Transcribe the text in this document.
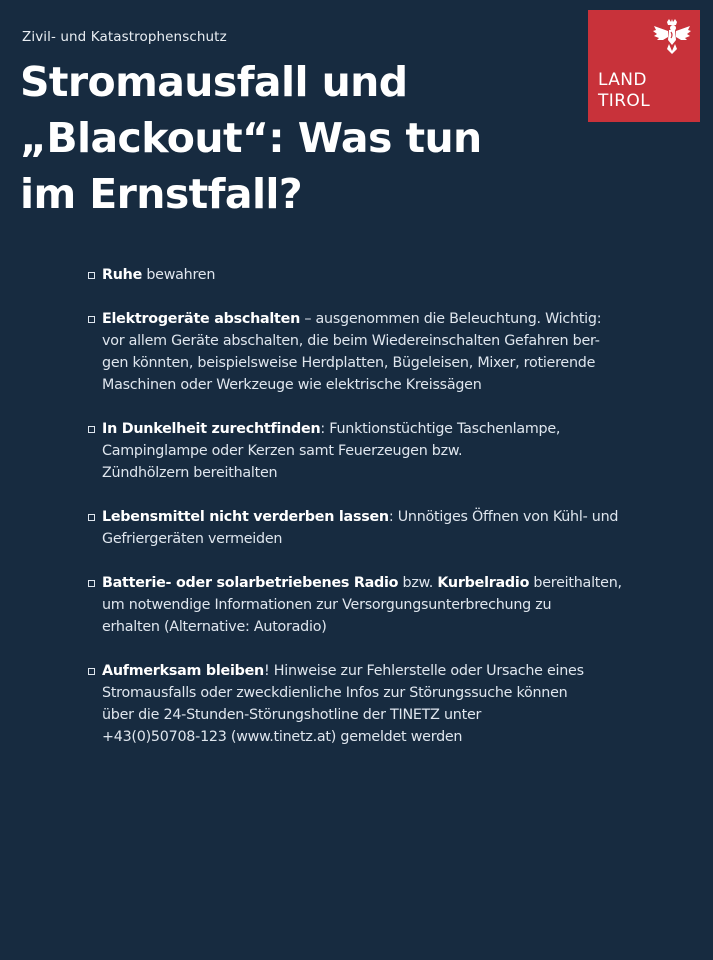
Zivil- und Katastrophenschutz
Stromausfall und
„Blackout“: Was tun
im Ernstfall?
LAND
TIROL
Ruhe bewahren
Elektrogeräte abschalten – ausgenommen die Beleuchtung. Wichtig:
vor allem Geräte abschalten, die beim Wiedereinschalten Gefahren ber-
gen könnten, beispielsweise Herdplatten, Bügeleisen, Mixer, rotierende
Maschinen oder Werkzeuge wie elektrische Kreissägen
In Dunkelheit zurechtfinden: Funktionstüchtige Taschenlampe,
Campinglampe oder Kerzen samt Feuerzeugen bzw.
Zündhölzern bereithalten
Lebensmittel nicht verderben lassen: Unnötiges Öffnen von Kühl- und
Gefriergeräten vermeiden
Batterie- oder solarbetriebenes Radio bzw. Kurbelradio bereithalten,
um notwendige Informationen zur Versorgungsunterbrechung zu
erhalten (Alternative: Autoradio)
Aufmerksam bleiben! Hinweise zur Fehlerstelle oder Ursache eines
Stromausfalls oder zweckdienliche Infos zur Störungssuche können
über die 24-Stunden-Störungshotline der TINETZ unter
+43(0)50708-123 (www.tinetz.at) gemeldet werden
